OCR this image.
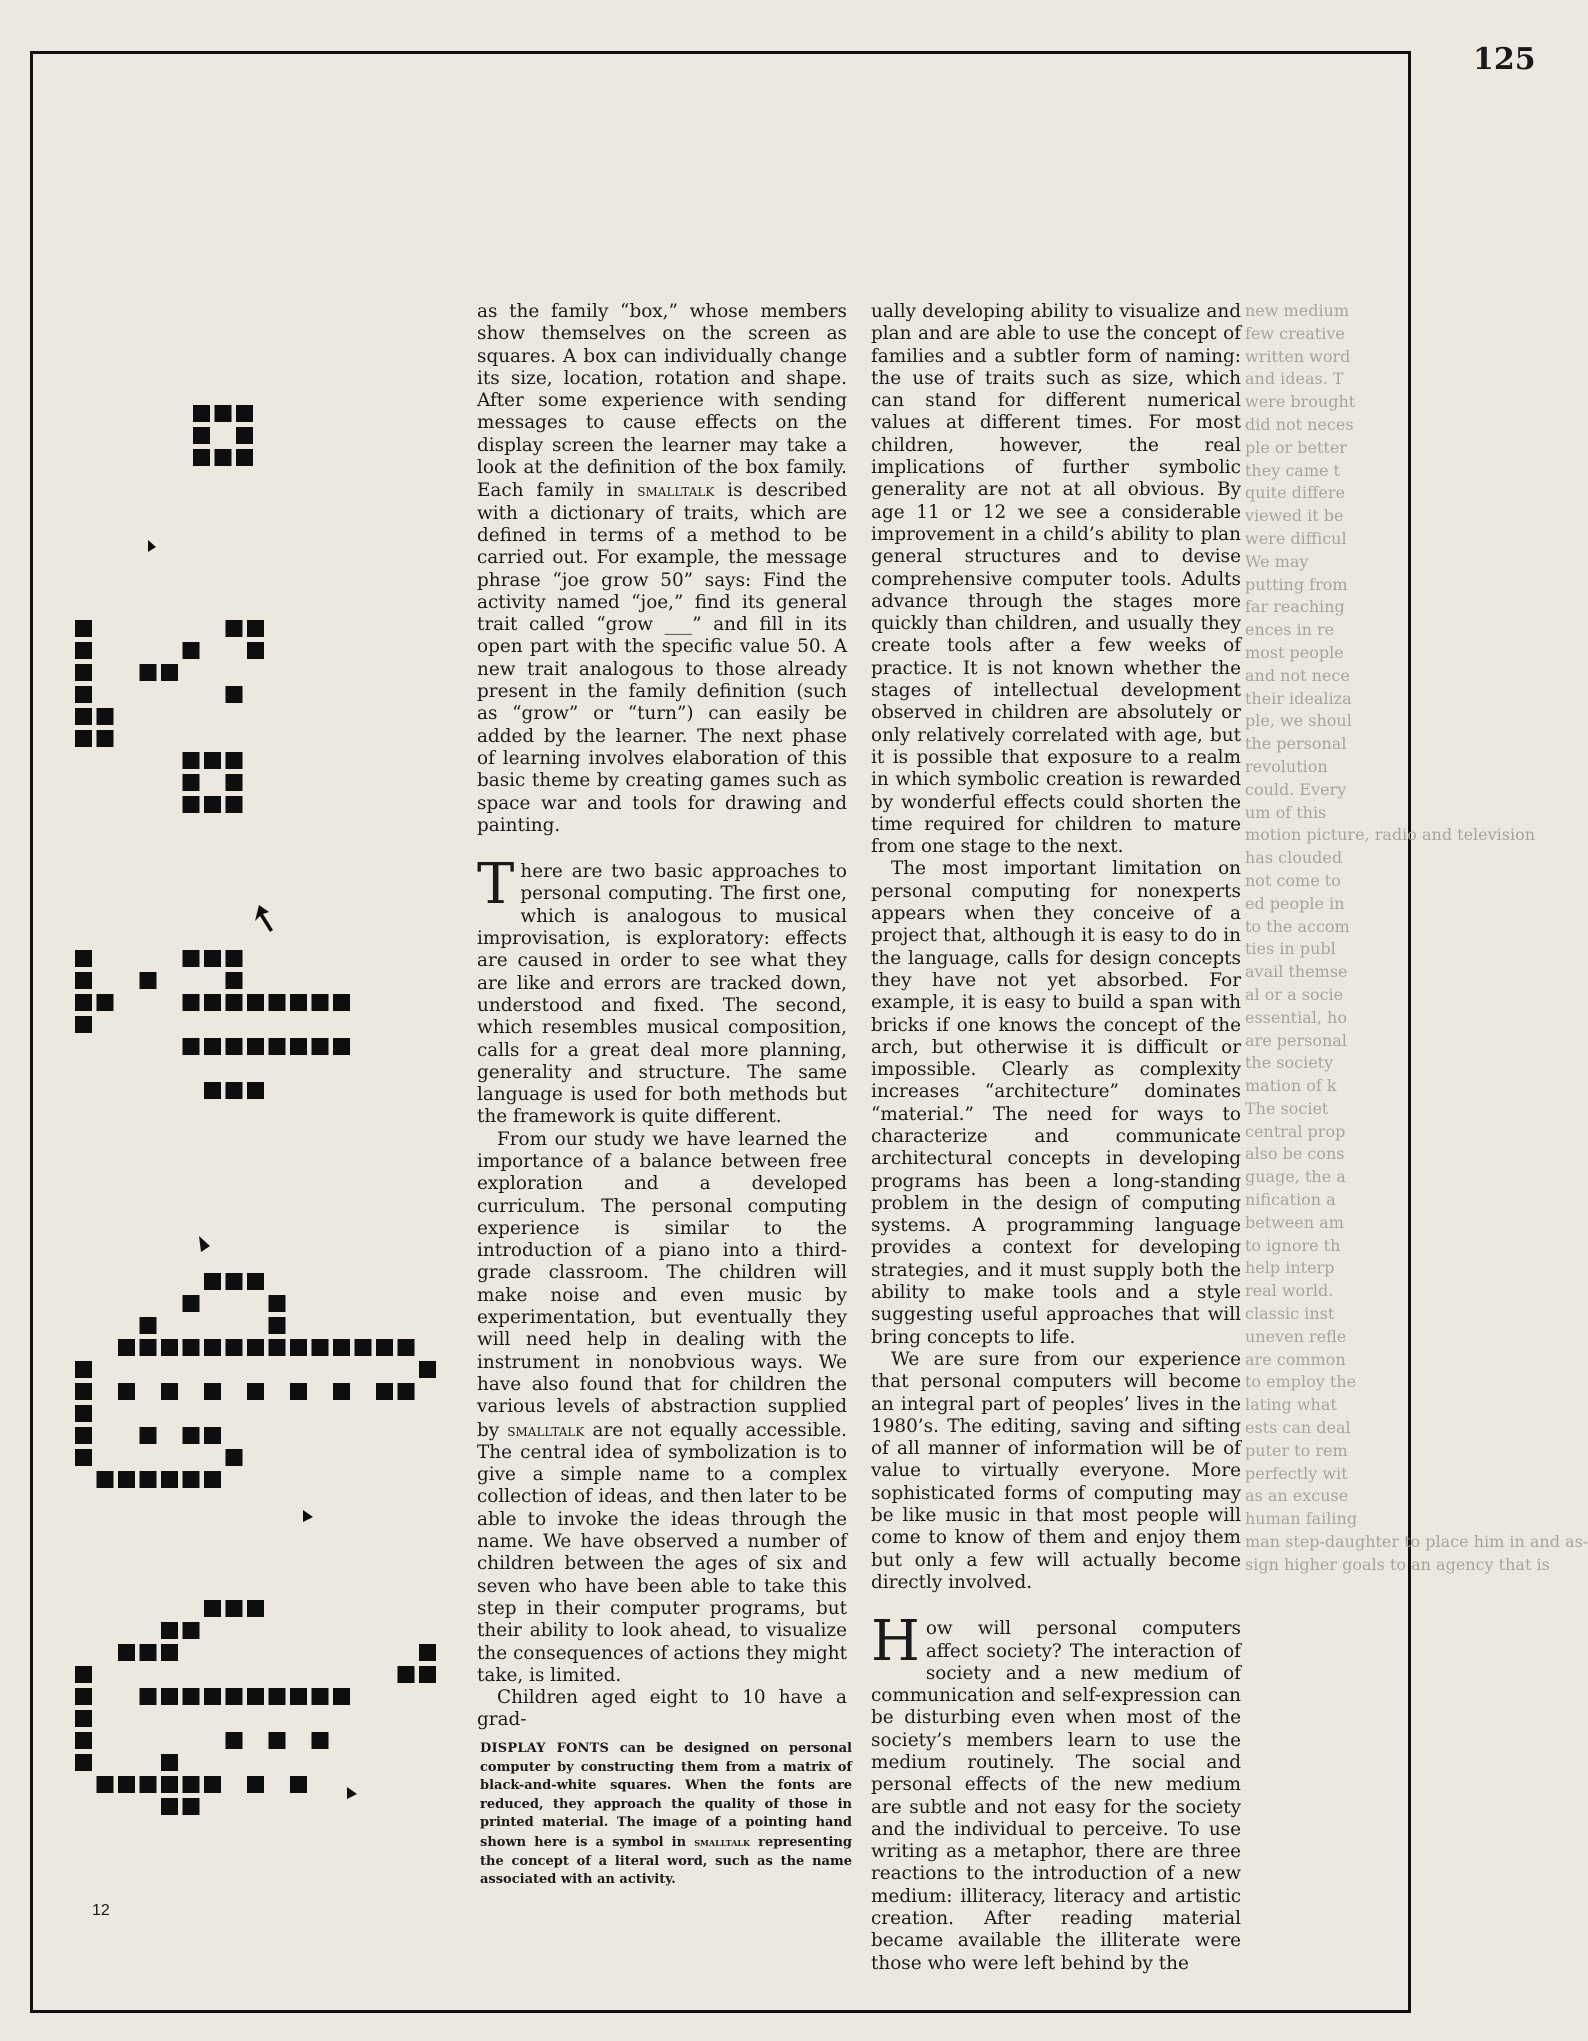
125

new medium

few creative

written word

and ideas. T

were brought

did not neces

ple or better

they came t

quite differe

viewed it be

were difficul

We may

putting from

far reaching

ences in re

most people

and not nece

their idealiza

ple, we shoul

the personal

revolution

could. Every

um of this

motion picture, radio and television

has clouded

not come to

ed people in

to the accom

ties in publ

avail themse

al or a socie

essential, ho

are personal

the society

mation of k

The societ

central prop

also be cons

guage, the a

nification a

between am

to ignore th

help interp

real world.

classic inst

uneven refle

are common

to employ the

lating what

ests can deal

puter to rem

perfectly wit

as an excuse

human failing

man step-daughter to place him in and as-

sign higher goals to an agency that is

as the family “box,” whose members show themselves on the screen as squares. A box can individually change its size, location, rotation and shape. After some experience with sending messages to cause effects on the display screen the learner may take a look at the definition of the box family. Each family in smalltalk is described with a dictionary of traits, which are defined in terms of a method to be carried out. For example, the message phrase “joe grow 50” says: Find the activity named “joe,” find its general trait called “grow ___” and fill in its open part with the specific value 50. A new trait analogous to those already present in the family definition (such as “grow” or “turn”) can easily be added by the learner. The next phase of learning involves elaboration of this basic theme by creating games such as space war and tools for drawing and painting.

There are two basic approaches to personal computing. The first one, which is analogous to musical improvisation, is exploratory: effects are caused in order to see what they are like and errors are tracked down, understood and fixed. The second, which resembles musical composition, calls for a great deal more planning, generality and structure. The same language is used for both methods but the framework is quite different.

From our study we have learned the importance of a balance between free exploration and a developed curriculum. The personal computing experience is similar to the introduction of a piano into a third-grade classroom. The children will make noise and even music by experimentation, but eventually they will need help in dealing with the instrument in nonobvious ways. We have also found that for children the various levels of abstraction supplied by smalltalk are not equally accessible. The central idea of symbolization is to give a simple name to a complex collection of ideas, and then later to be able to invoke the ideas through the name. We have observed a number of children between the ages of six and seven who have been able to take this step in their computer programs, but their ability to look ahead, to visualize the consequences of actions they might take, is limited.

Children aged eight to 10 have a grad-

ually developing ability to visualize and plan and are able to use the concept of families and a subtler form of naming: the use of traits such as size, which can stand for different numerical values at different times. For most children, however, the real implications of further symbolic generality are not at all obvious. By age 11 or 12 we see a considerable improvement in a child’s ability to plan general structures and to devise comprehensive computer tools. Adults advance through the stages more quickly than children, and usually they create tools after a few weeks of practice. It is not known whether the stages of intellectual development observed in children are absolutely or only relatively correlated with age, but it is possible that exposure to a realm in which symbolic creation is rewarded by wonderful effects could shorten the time required for children to mature from one stage to the next.

The most important limitation on personal computing for nonexperts appears when they conceive of a project that, although it is easy to do in the language, calls for design concepts they have not yet absorbed. For example, it is easy to build a span with bricks if one knows the concept of the arch, but otherwise it is difficult or impossible. Clearly as complexity increases “architecture” dominates “material.” The need for ways to characterize and communicate architectural concepts in developing programs has been a long-standing problem in the design of computing systems. A programming language provides a context for developing strategies, and it must supply both the ability to make tools and a style suggesting useful approaches that will bring concepts to life.

We are sure from our experience that personal computers will become an integral part of peoples’ lives in the 1980’s. The editing, saving and sifting of all manner of information will be of value to virtually everyone. More sophisticated forms of computing may be like music in that most people will come to know of them and enjoy them but only a few will actually become directly involved.

How will personal computers affect society? The interaction of society and a new medium of communication and self-expression can be disturbing even when most of the society’s members learn to use the medium routinely. The social and personal effects of the new medium are subtle and not easy for the society and the individual to perceive. To use writing as a metaphor, there are three reactions to the introduction of a new medium: illiteracy, literacy and artistic creation. After reading material became available the illiterate were those who were left behind by the

DISPLAY FONTS can be designed on personal computer by constructing them from a matrix of black-and-white squares. When the fonts are reduced, they approach the quality of those in printed material. The image of a pointing hand shown here is a symbol in smalltalk representing the concept of a literal word, such as the name associated with an activity.
12
